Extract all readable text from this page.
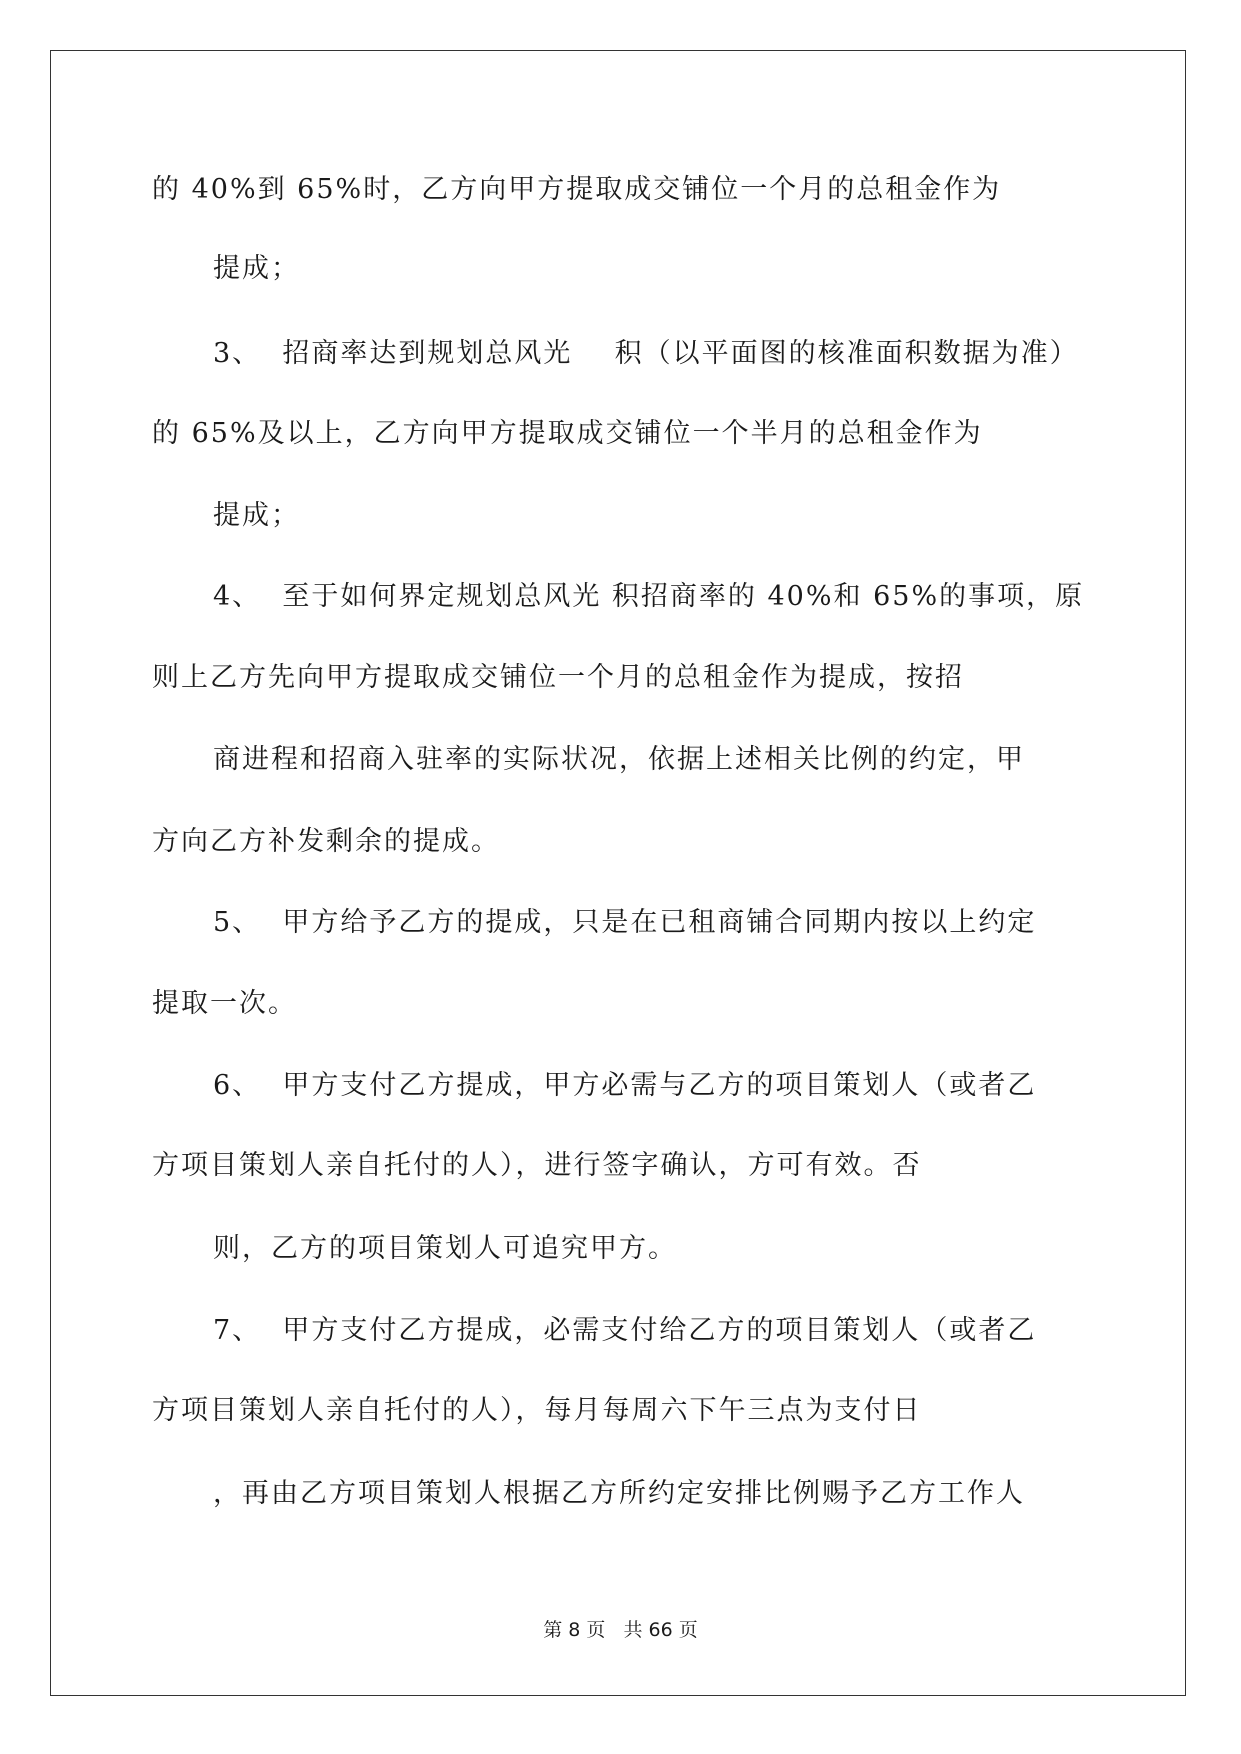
的 40%到 65%时，乙方向甲方提取成交铺位一个月的总租金作为
提成；
3、  招商率达到规划总风光    积（以平面图的核准面积数据为准）
的 65%及以上，乙方向甲方提取成交铺位一个半月的总租金作为
提成；
4、  至于如何界定规划总风光 积招商率的 40%和 65%的事项，原
则上乙方先向甲方提取成交铺位一个月的总租金作为提成，按招
商进程和招商入驻率的实际状况，依据上述相关比例的约定，甲
方向乙方补发剩余的提成。
5、  甲方给予乙方的提成，只是在已租商铺合同期内按以上约定
提取一次。
6、  甲方支付乙方提成，甲方必需与乙方的项目策划人（或者乙
方项目策划人亲自托付的人），进行签字确认，方可有效。否
则，乙方的项目策划人可追究甲方。
7、  甲方支付乙方提成，必需支付给乙方的项目策划人（或者乙
方项目策划人亲自托付的人），每月每周六下午三点为支付日
，再由乙方项目策划人根据乙方所约定安排比例赐予乙方工作人
第 8 页   共 66 页
